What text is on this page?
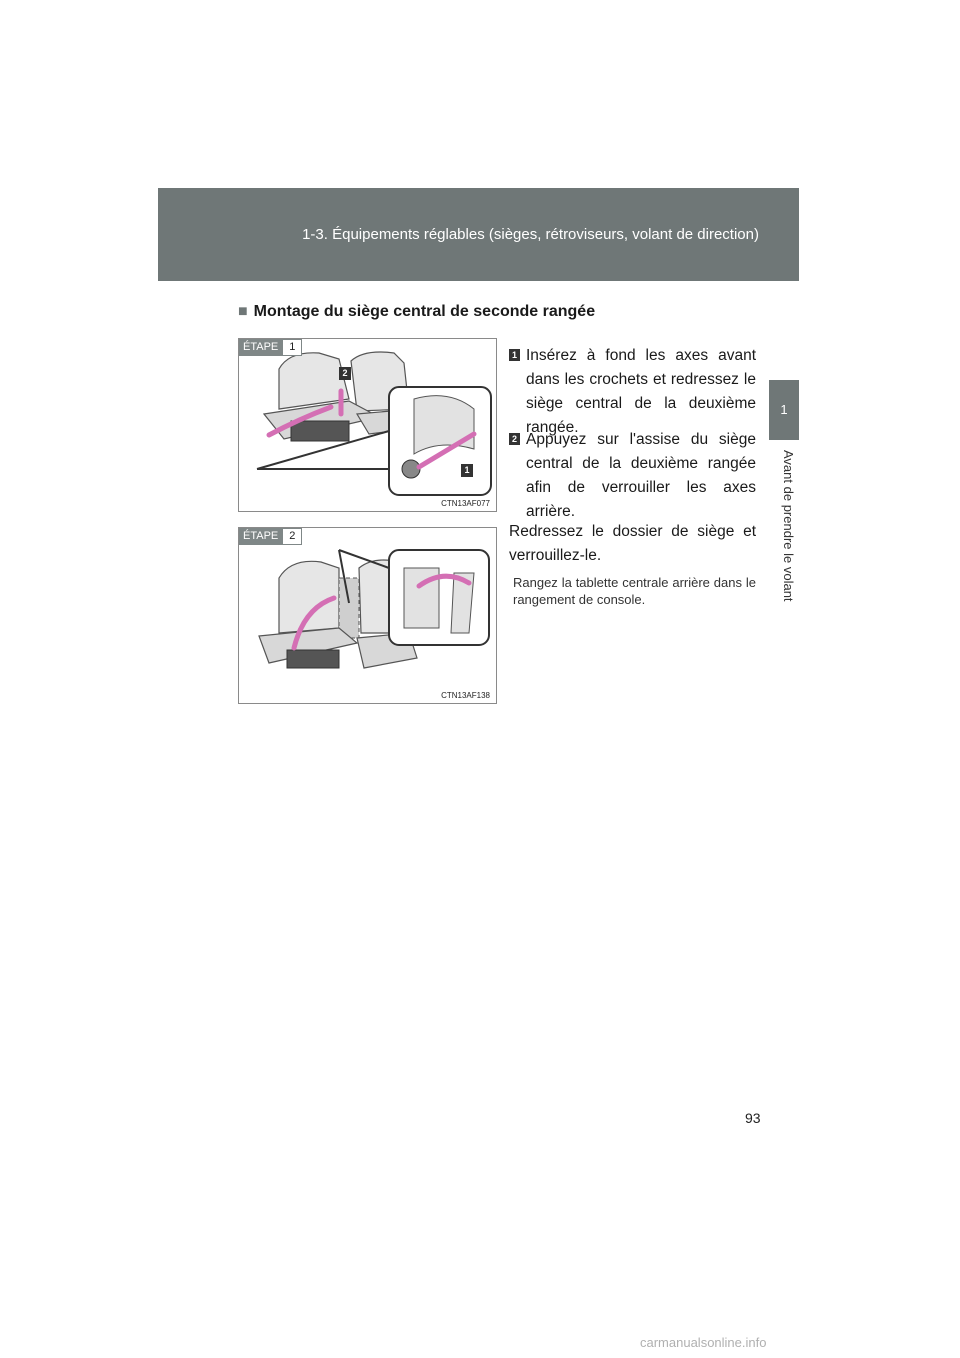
1-3. Équipements réglables (sièges, rétroviseurs, volant de direction)
1
Avant de prendre le volant
■ Montage du siège central de seconde rangée
ÉTAPE	1
2
1
CTN13AF077
ÉTAPE	2
CTN13AF138
1 Insérez à fond les axes avant dans les crochets et redressez le siège central de la deuxième rangée.
2 Appuyez sur l'assise du siège central de la deuxième rangée afin de verrouiller les axes arrière.
Redressez le dossier de siège et verrouillez-le.
Rangez la tablette centrale arrière dans le rangement de console.
93
carmanualsonline.info
